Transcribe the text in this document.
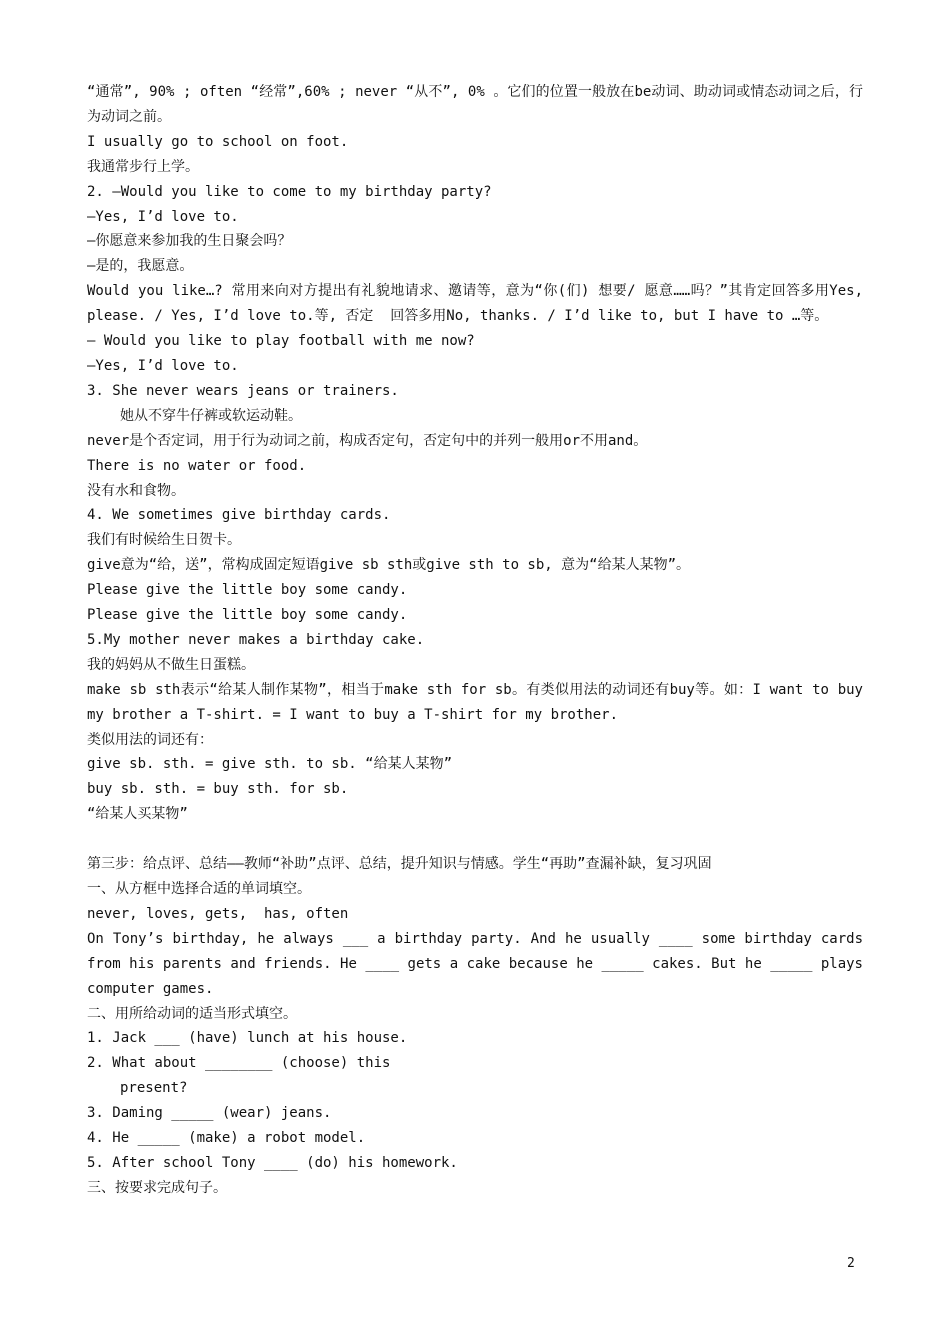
“通常”, 90% ; often “经常”,60% ; never “从不”, 0% 。它们的位置一般放在be动词、助动词或情态动词之后，行为动词之前。

I usually go to school on foot.

我通常步行上学。

2. —Would you like to come to my birthday party?

—Yes, I’d love to.

—你愿意来参加我的生日聚会吗？

—是的，我愿意。

Would you like…? 常用来向对方提出有礼貌地请求、邀请等，意为“你(们) 想要/ 愿意……吗？”其肯定回答多用Yes, please. / Yes, I’d love to.等, 否定  回答多用No, thanks. / I’d like to, but I have to …等。

— Would you like to play football with me now?

—Yes, I’d love to.

3. She never wears jeans or trainers.

她从不穿牛仔裤或软运动鞋。

never是个否定词，用于行为动词之前，构成否定句，否定句中的并列一般用or不用and。

There is no water or food.

没有水和食物。

4. We sometimes give birthday cards.

我们有时候给生日贺卡。

give意为“给，送”，常构成固定短语give sb sth或give sth to sb, 意为“给某人某物”。

Please give the little boy some candy.

Please give the little boy some candy.

5.My mother never makes a birthday cake.

我的妈妈从不做生日蛋糕。

make sb sth表示“给某人制作某物”，相当于make sth for sb。有类似用法的动词还有buy等。如：I want to buy my brother a T-shirt. = I want to buy a T-shirt for my brother.

类似用法的词还有：

give sb. sth. = give sth. to sb. “给某人某物”

buy sb. sth. = buy sth. for sb.

“给某人买某物”

第三步：给点评、总结——教师“补助”点评、总结，提升知识与情感。学生“再助”查漏补缺，复习巩固

一、从方框中选择合适的单词填空。

never, loves, gets,  has, often

On Tony’s birthday, he always ___ a birthday party. And he usually ____ some birthday cards from his parents and friends. He ____ gets a cake because he _____ cakes. But he _____ plays computer games.

二、用所给动词的适当形式填空。

1. Jack ___ (have) lunch at his house.

2. What about ________ (choose) this

present?

3. Daming _____ (wear) jeans.

4. He _____ (make) a robot model.

5. After school Tony ____ (do) his homework.

三、按要求完成句子。

2
